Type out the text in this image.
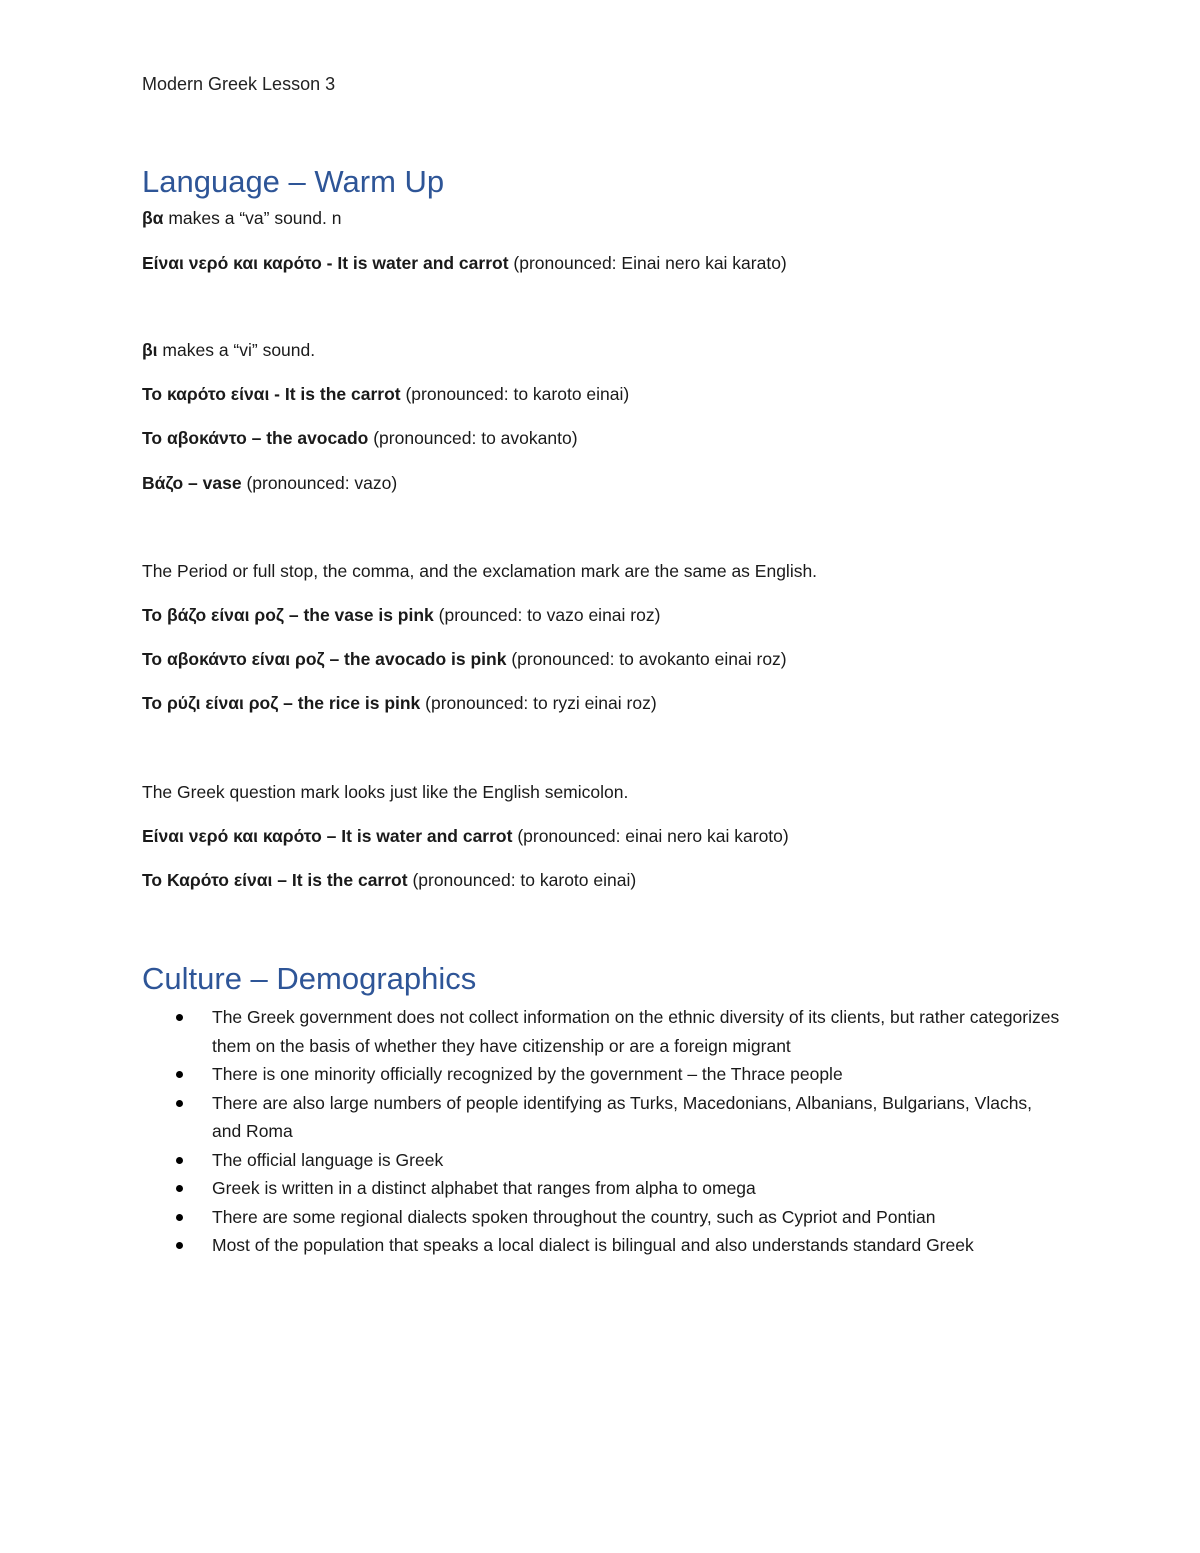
Modern Greek Lesson 3
Language – Warm Up
βα makes a “va” sound. n
Είναι νερό και καρότο - It is water and carrot (pronounced: Einai nero kai karato)
βι makes a “vi” sound.
Το καρότο είναι - It is the carrot (pronounced: to karoto einai)
Το αβοκάντο – the avocado (pronounced: to avokanto)
Βάζο – vase (pronounced: vazo)
The Period or full stop, the comma, and the exclamation mark are the same as English.
Το βάζο είναι ροζ – the vase is pink (prounced: to vazo einai roz)
Το αβοκάντο είναι ροζ – the avocado is pink (pronounced: to avokanto einai roz)
Το ρύζι είναι ροζ – the rice is pink (pronounced: to ryzi einai roz)
The Greek question mark looks just like the English semicolon.
Είναι νερό και καρότο – It is water and carrot (pronounced: einai nero kai karoto)
Το Καρότο είναι – It is the carrot (pronounced: to karoto einai)
Culture – Demographics
The Greek government does not collect information on the ethnic diversity of its clients, but rather categorizes them on the basis of whether they have citizenship or are a foreign migrant
There is one minority officially recognized by the government – the Thrace people
There are also large numbers of people identifying as Turks, Macedonians, Albanians, Bulgarians, Vlachs, and Roma
The official language is Greek
Greek is written in a distinct alphabet that ranges from alpha to omega
There are some regional dialects spoken throughout the country, such as Cypriot and Pontian
Most of the population that speaks a local dialect is bilingual and also understands standard Greek
